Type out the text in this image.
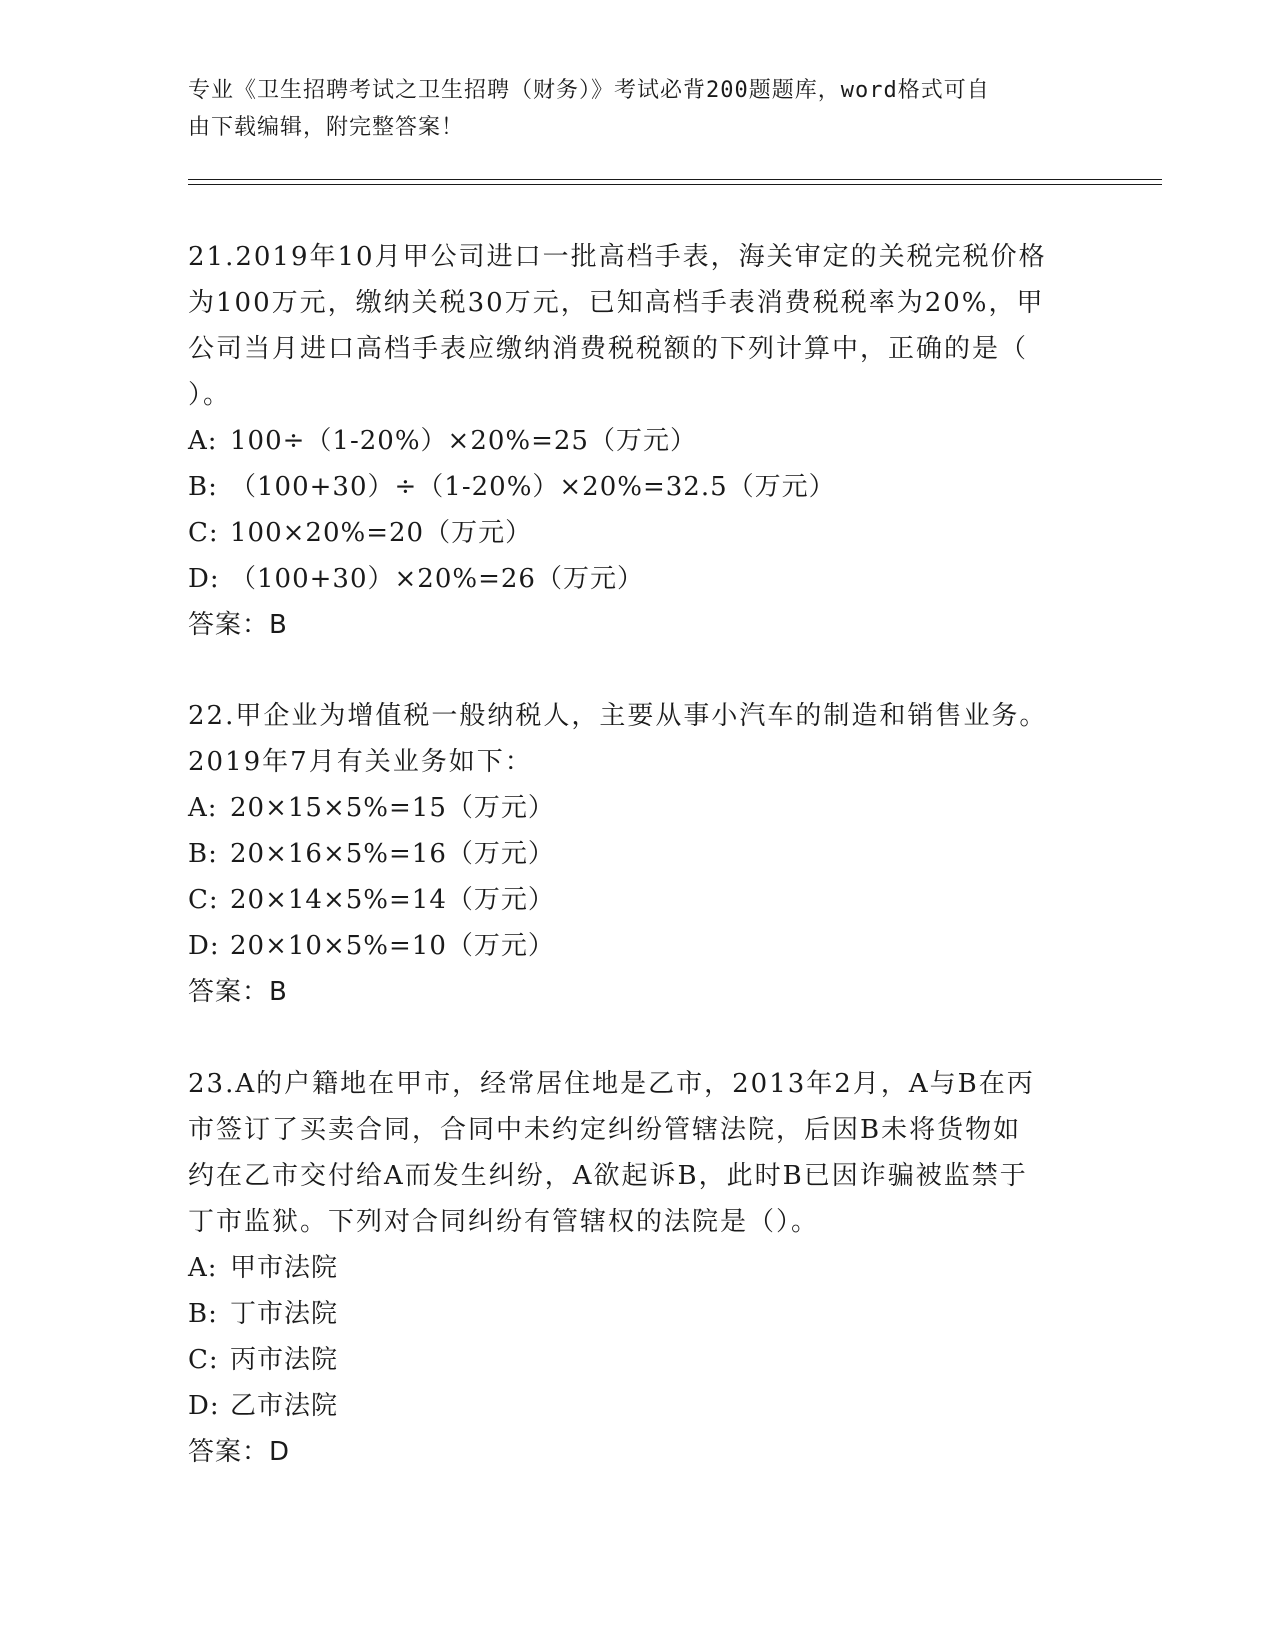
专业《卫生招聘考试之卫生招聘（财务）》考试必背200题题库，word格式可自
由下载编辑，附完整答案！
21.2019年10月甲公司进口一批高档手表，海关审定的关税完税价格
为100万元，缴纳关税30万元，已知高档手表消费税税率为20%，甲
公司当月进口高档手表应缴纳消费税税额的下列计算中，正确的是（
）。
A: 100÷（1-20%）×20%=25（万元）
B: （100+30）÷（1-20%）×20%=32.5（万元）
C: 100×20%=20（万元）
D: （100+30）×20%=26（万元）
答案：B
22.甲企业为增值税一般纳税人，主要从事小汽车的制造和销售业务。
2019年7月有关业务如下：
A: 20×15×5%=15（万元）
B: 20×16×5%=16（万元）
C: 20×14×5%=14（万元）
D: 20×10×5%=10（万元）
答案：B
23.A的户籍地在甲市，经常居住地是乙市，2013年2月，A与B在丙
市签订了买卖合同，合同中未约定纠纷管辖法院，后因B未将货物如
约在乙市交付给A而发生纠纷，A欲起诉B，此时B已因诈骗被监禁于
丁市监狱。下列对合同纠纷有管辖权的法院是（）。
A: 甲市法院
B: 丁市法院
C: 丙市法院
D: 乙市法院
答案：D
